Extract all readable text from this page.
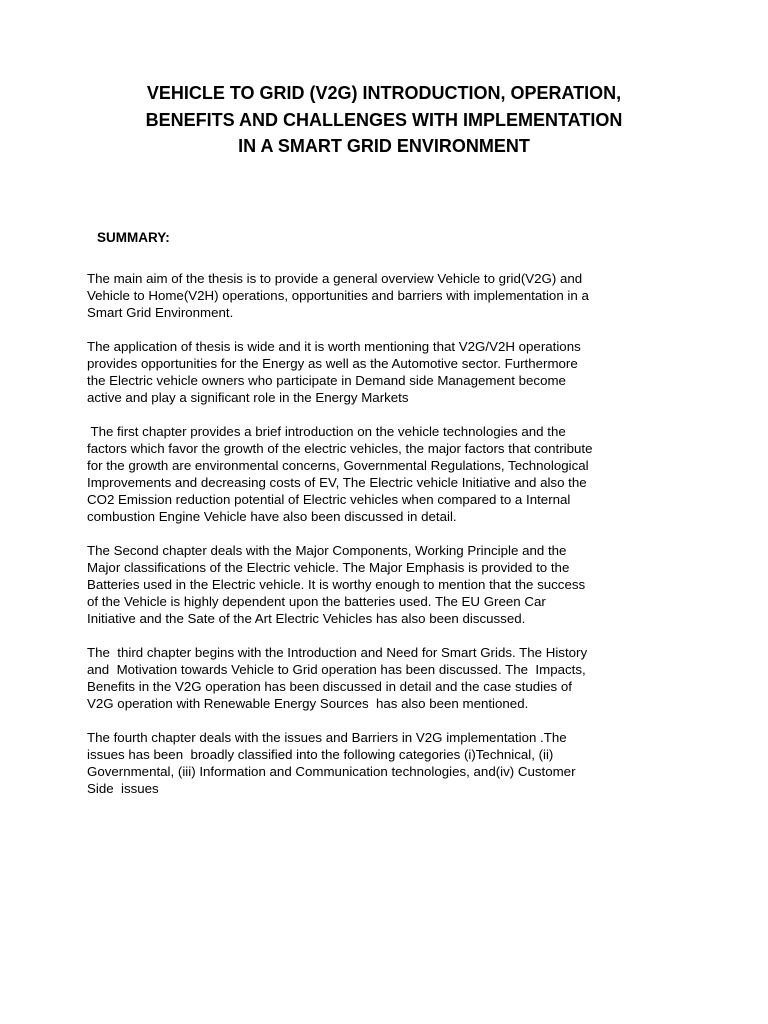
VEHICLE TO GRID (V2G) INTRODUCTION, OPERATION,
BENEFITS AND CHALLENGES WITH IMPLEMENTATION
IN A SMART GRID ENVIRONMENT
SUMMARY:

The main aim of the thesis is to provide a general overview Vehicle to grid(V2G) and
Vehicle to Home(V2H) operations, opportunities and barriers with implementation in a
Smart Grid Environment.

The application of thesis is wide and it is worth mentioning that V2G/V2H operations
provides opportunities for the Energy as well as the Automotive sector. Furthermore
the Electric vehicle owners who participate in Demand side Management become
active and play a significant role in the Energy Markets

The first chapter provides a brief introduction on the vehicle technologies and the
factors which favor the growth of the electric vehicles, the major factors that contribute
for the growth are environmental concerns, Governmental Regulations, Technological
Improvements and decreasing costs of EV, The Electric vehicle Initiative and also the
CO2 Emission reduction potential of Electric vehicles when compared to a Internal
combustion Engine Vehicle have also been discussed in detail.

The Second chapter deals with the Major Components, Working Principle and the
Major classifications of the Electric vehicle. The Major Emphasis is provided to the
Batteries used in the Electric vehicle. It is worthy enough to mention that the success
of the Vehicle is highly dependent upon the batteries used. The EU Green Car
Initiative and the Sate of the Art Electric Vehicles has also been discussed.

The  third chapter begins with the Introduction and Need for Smart Grids. The History
and  Motivation towards Vehicle to Grid operation has been discussed. The  Impacts,
Benefits in the V2G operation has been discussed in detail and the case studies of
V2G operation with Renewable Energy Sources  has also been mentioned.

The fourth chapter deals with the issues and Barriers in V2G implementation .The
issues has been  broadly classified into the following categories (i)Technical, (ii)
Governmental, (iii) Information and Communication technologies, and(iv) Customer
Side  issues
